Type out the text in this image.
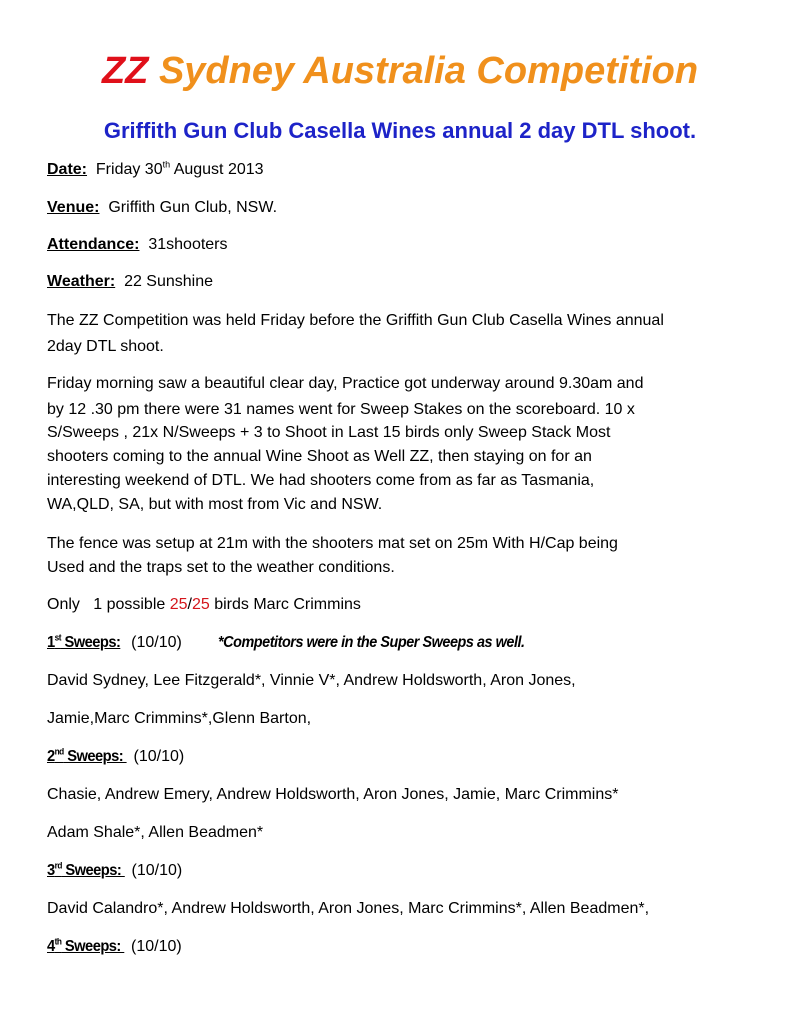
ZZ Sydney Australia Competition
Griffith Gun Club Casella Wines annual 2 day DTL shoot.
Date: Friday 30th August 2013
Venue: Griffith Gun Club, NSW.
Attendance: 31shooters
Weather: 22 Sunshine
The ZZ Competition was held Friday before the Griffith Gun Club Casella Wines annual
2day DTL shoot.
Friday morning saw a beautiful clear day, Practice got underway around 9.30am and
by 12 .30 pm there were 31 names went for Sweep Stakes on the scoreboard. 10 x
S/Sweeps , 21x N/Sweeps + 3 to Shoot in Last 15 birds only Sweep Stack Most
shooters coming to the annual Wine Shoot as Well ZZ, then staying on for an
interesting weekend of DTL. We had shooters come from as far as Tasmania,
WA,QLD, SA, but with most from Vic and NSW.
The fence was setup at 21m with the shooters mat set on 25m With H/Cap being
Used and the traps set to the weather conditions.
Only   1 possible 25/25 birds Marc Crimmins
1st Sweeps: (10/10) *Competitors were in the Super Sweeps as well.
David Sydney, Lee Fitzgerald*, Vinnie V*, Andrew Holdsworth, Aron Jones,
Jamie,Marc Crimmins*,Glenn Barton,
2nd Sweeps: (10/10)
Chasie, Andrew Emery, Andrew Holdsworth, Aron Jones, Jamie, Marc Crimmins*
Adam Shale*, Allen Beadmen*
3rd Sweeps: (10/10)
David Calandro*, Andrew Holdsworth, Aron Jones, Marc Crimmins*, Allen Beadmen*,
4th Sweeps: (10/10)
